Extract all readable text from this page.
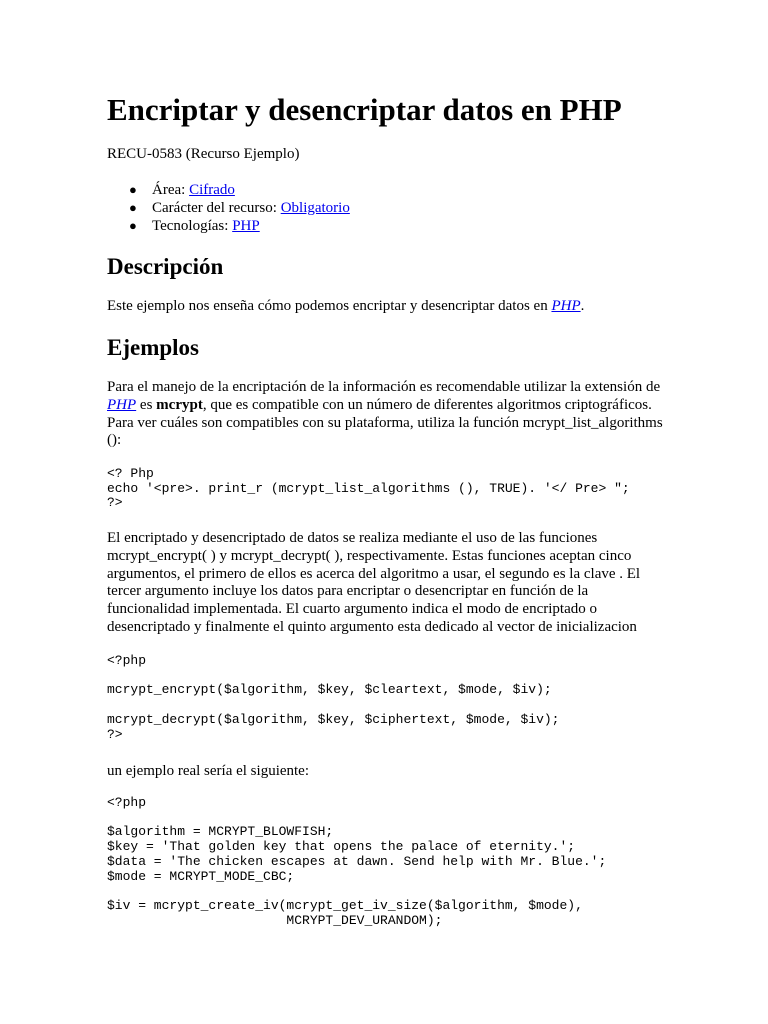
Encriptar y desencriptar datos en PHP

RECU-0583 (Recurso Ejemplo)

● Área: Cifrado
● Carácter del recurso: Obligatorio
● Tecnologías: PHP
Descripción

Este ejemplo nos enseña cómo podemos encriptar y desencriptar datos en PHP.

Ejemplos

Para el manejo de la encriptación de la información es recomendable utilizar la extensión de PHP es mcrypt, que es compatible con un número de diferentes algoritmos criptográficos. Para ver cuáles son compatibles con su plataforma, utiliza la función mcrypt_list_algorithms ():

<? Php
echo '<pre>. print_r (mcrypt_list_algorithms (), TRUE). '</ Pre> ";
?>

El encriptado y desencriptado de datos se realiza mediante el uso de las funciones mcrypt_encrypt( ) y mcrypt_decrypt( ), respectivamente. Estas funciones aceptan cinco argumentos, el primero de ellos es acerca del algoritmo a usar, el segundo es la clave . El tercer argumento incluye los datos para encriptar o desencriptar en función de la funcionalidad implementada. El cuarto argumento indica el modo de encriptado o desencriptado y finalmente el quinto argumento esta dedicado al vector de inicializacion

<?php

mcrypt_encrypt($algorithm, $key, $cleartext, $mode, $iv);

mcrypt_decrypt($algorithm, $key, $ciphertext, $mode, $iv);
?>

un ejemplo real sería el siguiente:

<?php

$algorithm = MCRYPT_BLOWFISH;
$key = 'That golden key that opens the palace of eternity.';
$data = 'The chicken escapes at dawn. Send help with Mr. Blue.';
$mode = MCRYPT_MODE_CBC;

$iv = mcrypt_create_iv(mcrypt_get_iv_size($algorithm, $mode),
MCRYPT_DEV_URANDOM);
